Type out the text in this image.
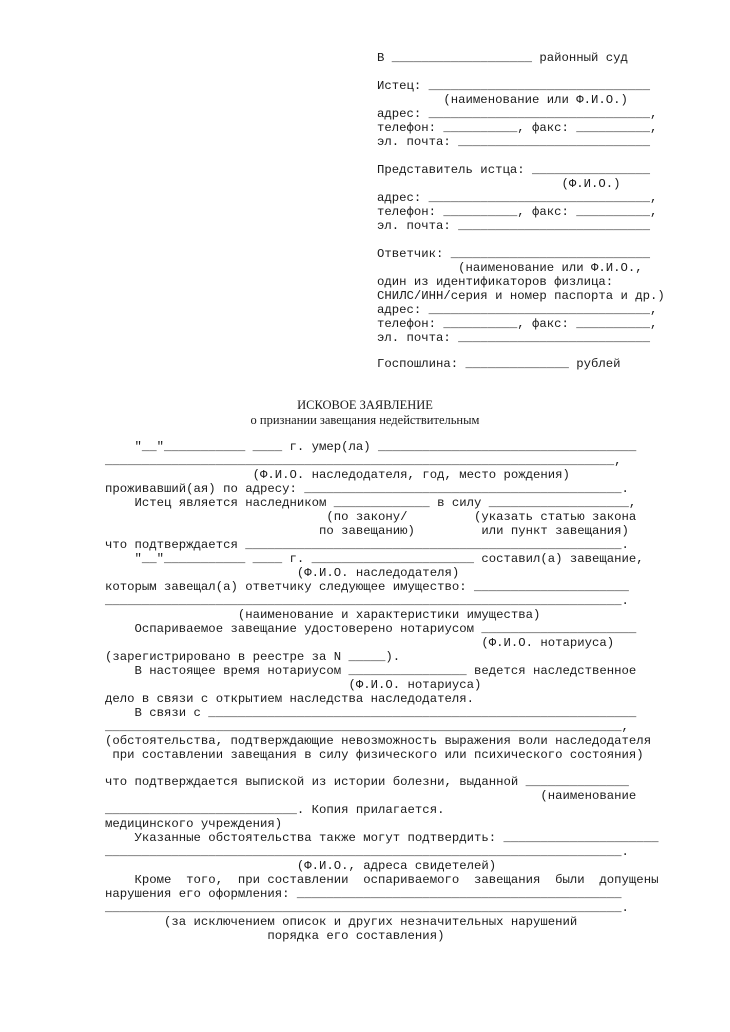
В ___________________ районный суд

Истец: ______________________________

(наименование или Ф.И.О.)

адрес: ______________________________,

телефон: __________, факс: __________,

эл. почта: __________________________

Представитель истца: ________________

(Ф.И.О.)

адрес: ______________________________,

телефон: __________, факс: __________,

эл. почта: __________________________

Ответчик: ___________________________

(наименование или Ф.И.О.,

один из идентификаторов физлица:

СНИЛС/ИНН/серия и номер паспорта и др.)

адрес: ______________________________,

телефон: __________, факс: __________,

эл. почта: __________________________

Госпошлина: ______________ рублей

ИСКОВОЕ ЗАЯВЛЕНИЕ

о признании завещания недействительным

"__"___________ ____ г. умер(ла) ___________________________________

_____________________________________________________________________,

(Ф.И.О. наследодателя, год, место рождения)

проживавший(ая) по адресу: ___________________________________________.

Истец является наследником _____________ в силу ___________________,

(по закону/         (указать статью закона

по завещанию)         или пункт завещания)

что подтверждается ___________________________________________________.

"__"___________ ____ г. ______________________ составил(а) завещание,

(Ф.И.О. наследодателя)

которым завещал(а) ответчику следующее имущество: _____________________

______________________________________________________________________.

(наименование и характеристики имущества)

Оспариваемое завещание удостоверено нотариусом _____________________

(Ф.И.О. нотариуса)

(зарегистрировано в реестре за N _____).

В настоящее время нотариусом ________________ ведется наследственное

(Ф.И.О. нотариуса)

дело в связи с открытием наследства наследодателя.

В связи с __________________________________________________________

______________________________________________________________________,

(обстоятельства, подтверждающие невозможность выражения воли наследодателя

при составлении завещания в силу физического или психического состояния)

что подтверждается выпиской из истории болезни, выданной ______________

(наименование

__________________________. Копия прилагается.

медицинского учреждения)

Указанные обстоятельства также могут подтвердить: _____________________

______________________________________________________________________.

(Ф.И.О., адреса свидетелей)

Кроме  того,  при составлении  оспариваемого  завещания  были  допущены

нарушения его оформления: ____________________________________________

______________________________________________________________________.

(за исключением описок и других незначительных нарушений

порядка его составления)
